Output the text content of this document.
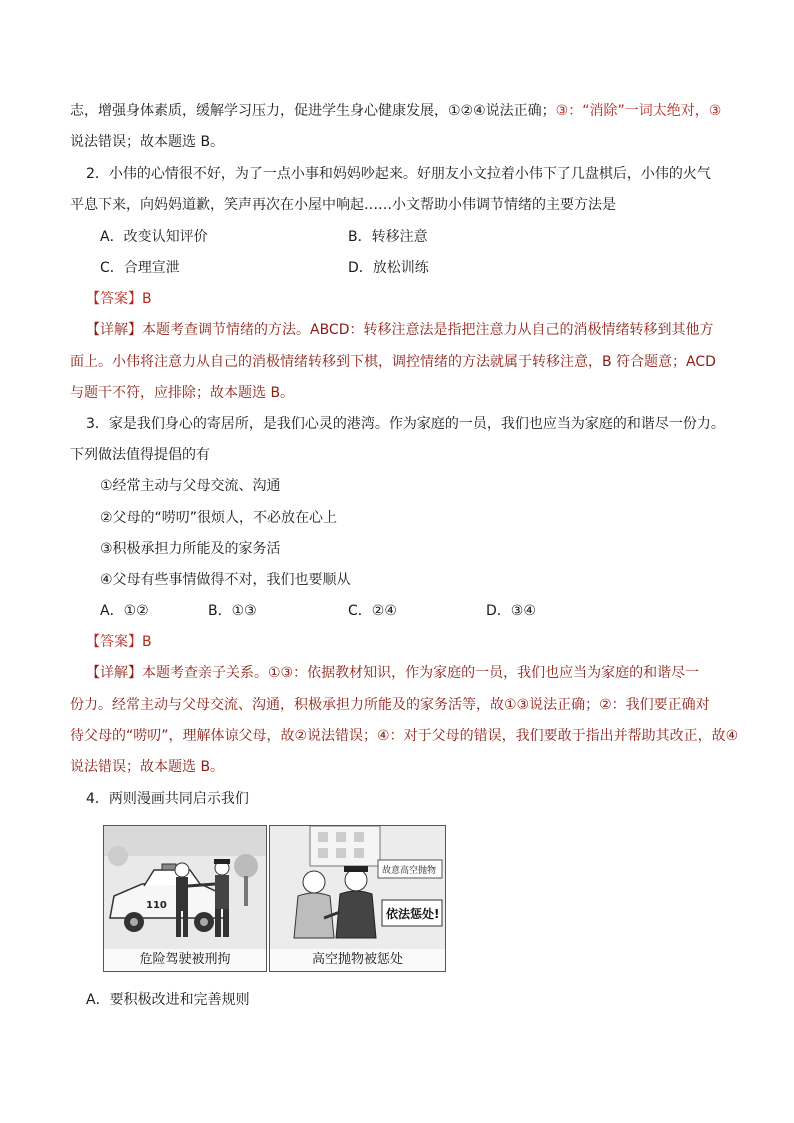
志，增强身体素质，缓解学习压力，促进学生身心健康发展，①②④说法正确；③：“消除”一词太绝对，③
说法错误；故本题选 B。
2．小伟的心情很不好，为了一点小事和妈妈吵起来。好朋友小文拉着小伟下了几盘棋后，小伟的火气
平息下来，向妈妈道歉，笑声再次在小屋中响起……小文帮助小伟调节情绪的主要方法是
A．改变认知评价	B．转移注意
C．合理宣泄	D．放松训练
【答案】B
【详解】本题考查调节情绪的方法。ABCD：转移注意法是指把注意力从自己的消极情绪转移到其他方
面上。小伟将注意力从自己的消极情绪转移到下棋，调控情绪的方法就属于转移注意，B 符合题意；ACD
与题干不符，应排除；故本题选 B。
3．家是我们身心的寄居所，是我们心灵的港湾。作为家庭的一员，我们也应当为家庭的和谐尽一份力。
下列做法值得提倡的有
①经常主动与父母交流、沟通
②父母的“唠叨”很烦人，不必放在心上
③积极承担力所能及的家务活
④父母有些事情做得不对，我们也要顺从
A．①②	B．①③	C．②④	D．③④
【答案】B
【详解】本题考查亲子关系。①③：依据教材知识，作为家庭的一员，我们也应当为家庭的和谐尽一
份力。经常主动与父母交流、沟通，积极承担力所能及的家务活等，故①③说法正确；②：我们要正确对
待父母的“唠叨”，理解体谅父母，故②说法错误；④：对于父母的错误，我们要敢于指出并帮助其改正，故④
说法错误；故本题选 B。
4．两则漫画共同启示我们
110
危险驾驶被刑拘
故意高空抛物
依法惩处!
高空抛物被惩处
A．要积极改进和完善规则
